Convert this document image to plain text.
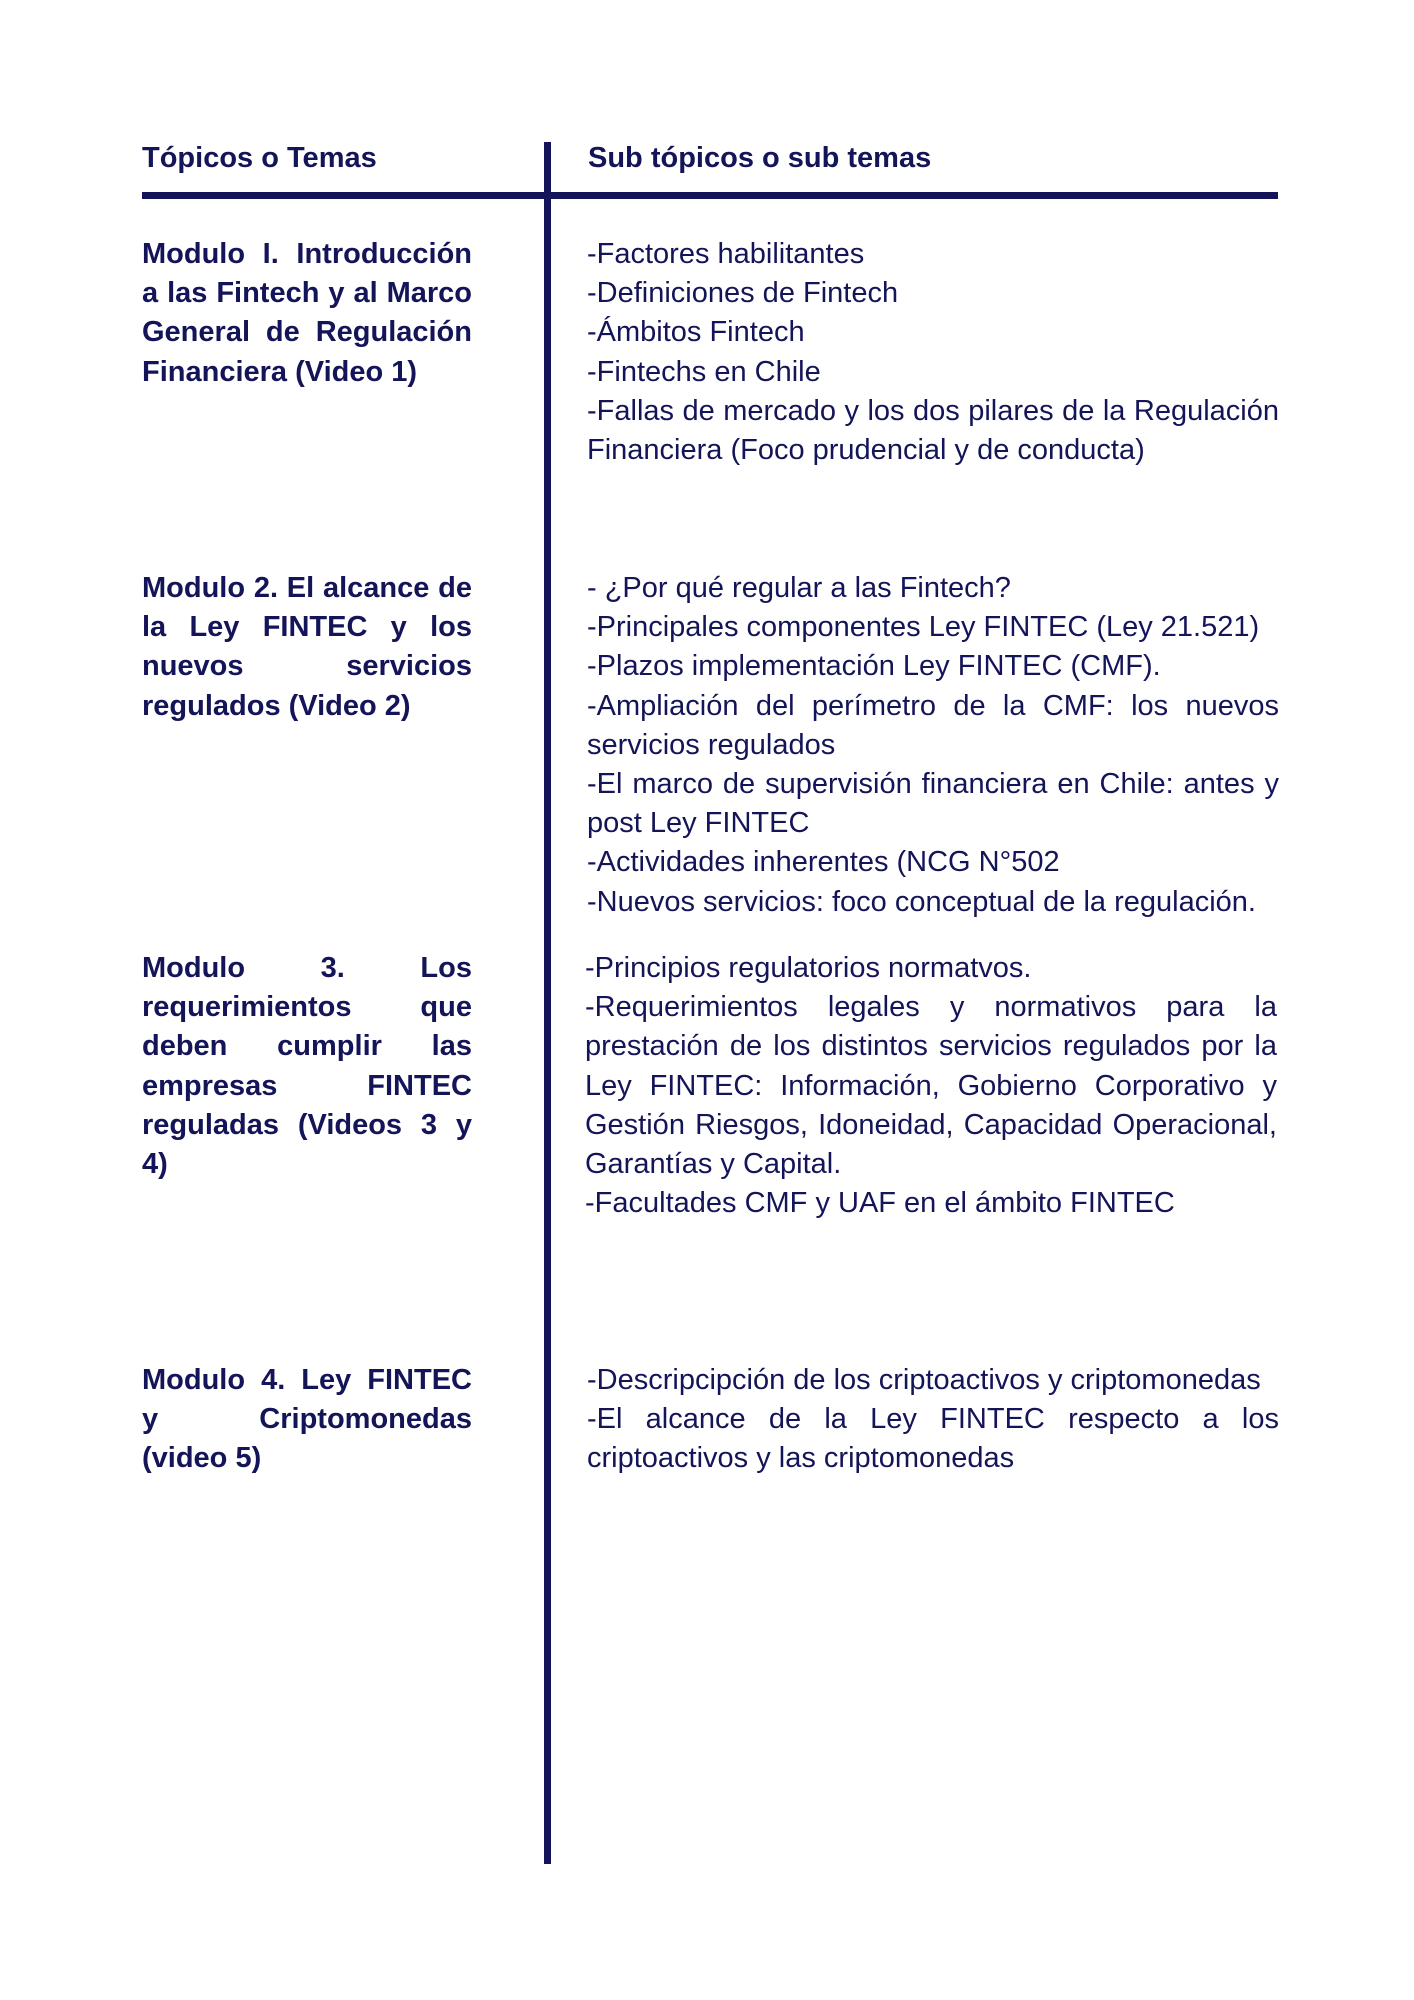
Tópicos o Temas	Sub tópicos o sub temas
Modulo I. Introducción a las Fintech y al Marco General de Regulación Financiera (Video 1)
-Factores habilitantes
-Definiciones de Fintech
-Ámbitos Fintech
-Fintechs en Chile
-Fallas de mercado y los dos pilares de la Regulación Financiera (Foco prudencial y de conducta)
Modulo 2. El alcance de la Ley FINTEC y los nuevos servicios regulados (Video 2)
- ¿Por qué regular a las Fintech?
-Principales componentes Ley FINTEC (Ley 21.521)
-Plazos implementación Ley FINTEC (CMF).
-Ampliación del perímetro de la CMF: los nuevos servicios regulados
-El marco de supervisión financiera en Chile: antes y post Ley FINTEC
-Actividades inherentes (NCG N°502
-Nuevos servicios: foco conceptual de la regulación.
Modulo 3. Los requerimientos que deben cumplir las empresas FINTEC reguladas (Videos 3 y 4)
-Principios regulatorios normatvos.
-Requerimientos legales y normativos para la prestación de los distintos servicios regulados por la Ley FINTEC: Información, Gobierno Corporativo y Gestión Riesgos, Idoneidad, Capacidad Operacional, Garantías y Capital.
-Facultades CMF y UAF en el ámbito FINTEC
Modulo 4. Ley FINTEC y Criptomonedas (video 5)
-Descripcipción de los criptoactivos y criptomonedas
-El alcance de la Ley FINTEC respecto a los criptoactivos y las criptomonedas
